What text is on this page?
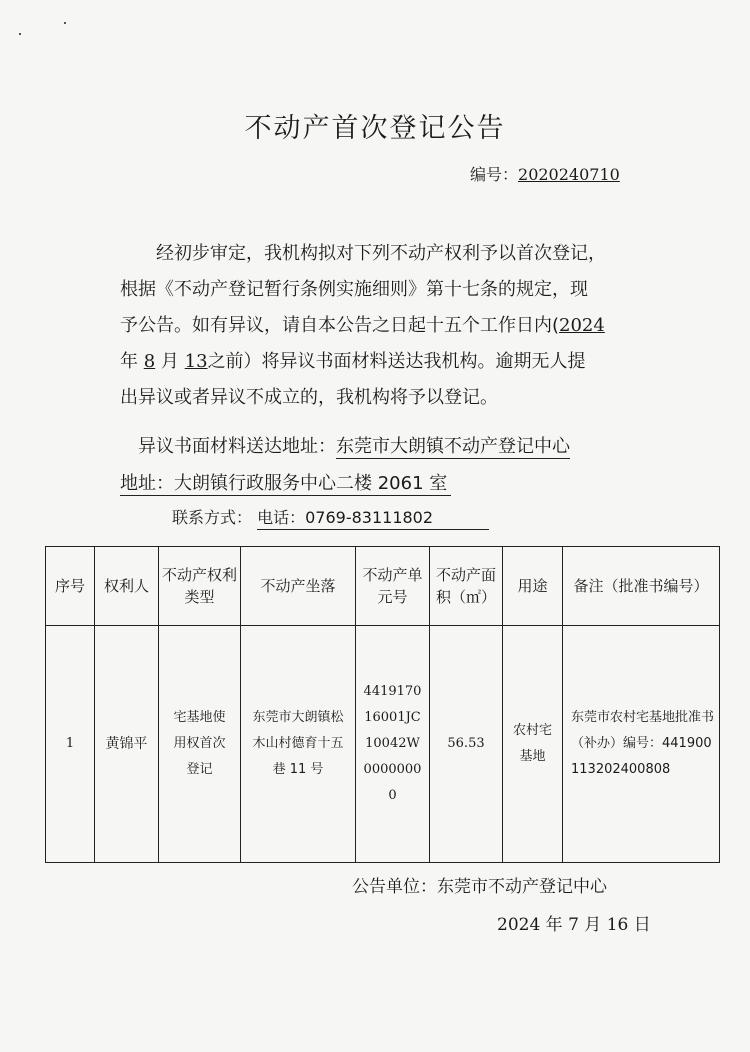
不动产首次登记公告
编号：2020240710
经初步审定，我机构拟对下列不动产权利予以首次登记，
根据《不动产登记暂行条例实施细则》第十七条的规定，现
予公告。如有异议，请自本公告之日起十五个工作日内(2024
年 8 月 13之前）将异议书面材料送达我机构。逾期无人提
出异议或者异议不成立的，我机构将予以登记。
异议书面材料送达地址：东莞市大朗镇不动产登记中心
地址：大朗镇行政服务中心二楼 2061 室
联系方式： 电话：0769-83111802
序号	权利人	不动产权利类型	不动产坐落	不动产单元号	不动产面积（㎡）	用途	备注（批准书编号）
1	黄锦平	宅基地使用权首次登记	东莞市大朗镇松木山村德育十五巷 11 号	441917016001JC10042W00000000	56.53	农村宅基地	东莞市农村宅基地批准书（补办）编号：441900113202400808
公告单位：东莞市不动产登记中心
2024 年 7 月 16 日
